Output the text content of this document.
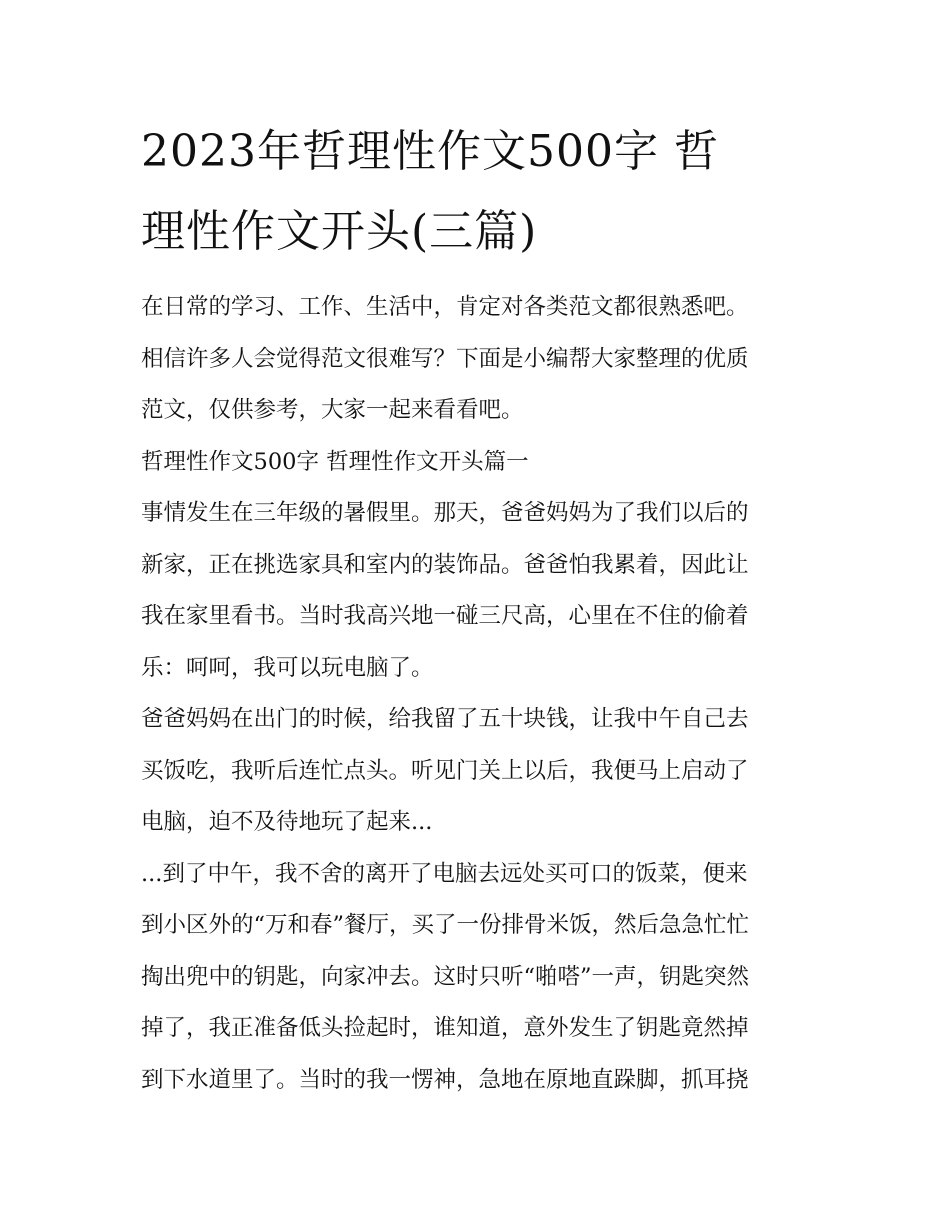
2023年哲理性作文500字 哲
理性作文开头(三篇)

在日常的学习、工作、生活中，肯定对各类范文都很熟悉吧。
相信许多人会觉得范文很难写？下面是小编帮大家整理的优质
范文，仅供参考，大家一起来看看吧。

哲理性作文500字 哲理性作文开头篇一

事情发生在三年级的暑假里。那天，爸爸妈妈为了我们以后的
新家，正在挑选家具和室内的装饰品。爸爸怕我累着，因此让
我在家里看书。当时我高兴地一碰三尺高，心里在不住的偷着
乐：呵呵，我可以玩电脑了。

爸爸妈妈在出门的时候，给我留了五十块钱，让我中午自己去
买饭吃，我听后连忙点头。听见门关上以后，我便马上启动了
电脑，迫不及待地玩了起来...

...到了中午，我不舍的离开了电脑去远处买可口的饭菜，便来
到小区外的“万和春”餐厅，买了一份排骨米饭，然后急急忙忙
掏出兜中的钥匙，向家冲去。这时只听“啪嗒”一声，钥匙突然
掉了，我正准备低头捡起时，谁知道，意外发生了钥匙竟然掉
到下水道里了。当时的我一愣神，急地在原地直跺脚，抓耳挠
